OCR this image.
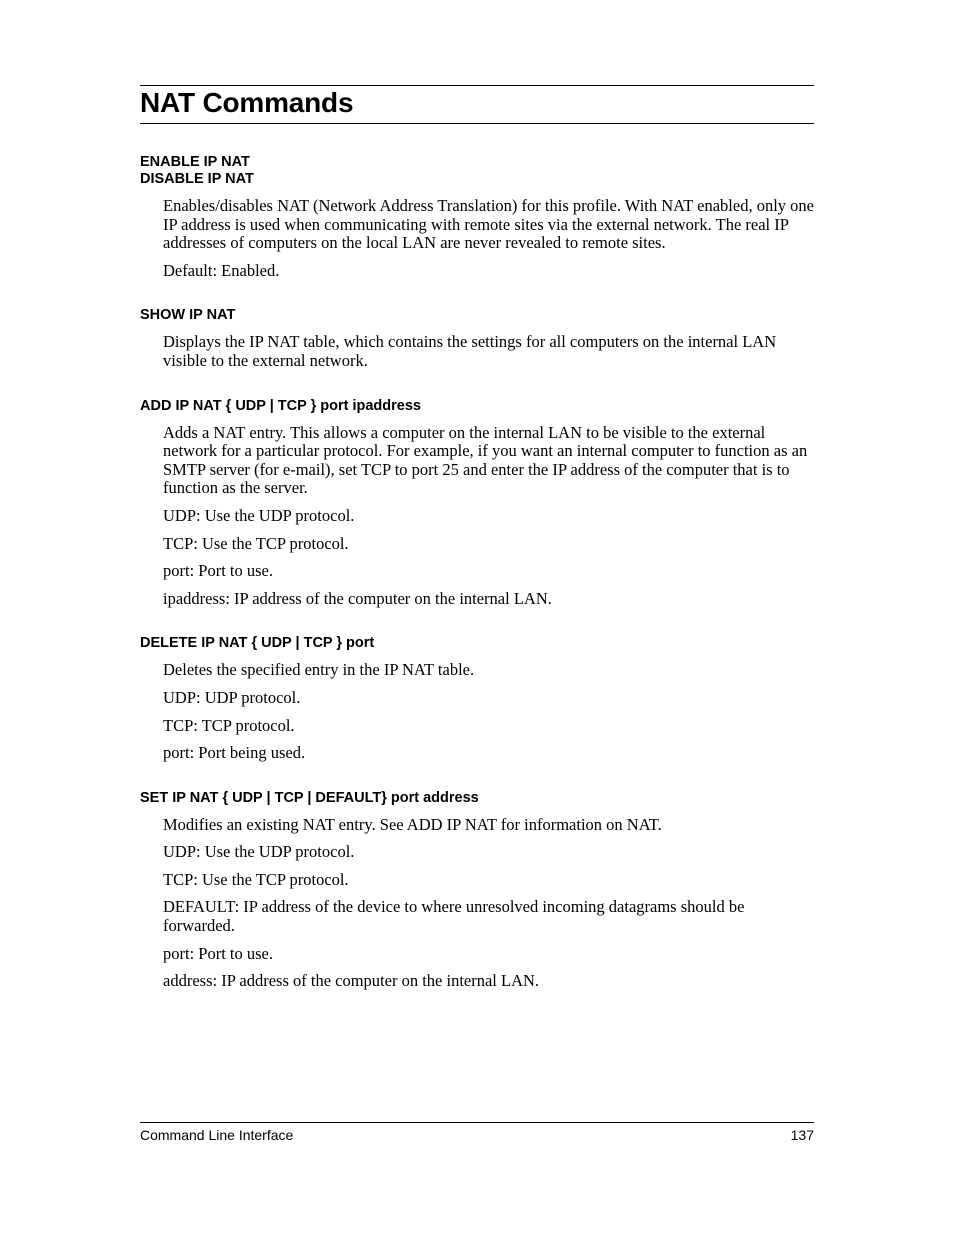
NAT Commands
ENABLE IP NAT
DISABLE IP NAT

Enables/disables NAT (Network Address Translation) for this profile. With NAT enabled, only one IP address is used when communicating with remote sites via the external network. The real IP addresses of computers on the local LAN are never revealed to remote sites.

Default: Enabled.

SHOW IP NAT

Displays the IP NAT table, which contains the settings for all computers on the internal LAN visible to the external network.

ADD IP NAT { UDP | TCP } port ipaddress

Adds a NAT entry. This allows a computer on the internal LAN to be visible to the external network for a particular protocol. For example, if you want an internal computer to function as an SMTP server (for e-mail), set TCP to port 25 and enter the IP address of the computer that is to function as the server.

UDP: Use the UDP protocol.

TCP: Use the TCP protocol.

port: Port to use.

ipaddress: IP address of the computer on the internal LAN.

DELETE IP NAT { UDP | TCP } port

Deletes the specified entry in the IP NAT table.

UDP: UDP protocol.

TCP: TCP protocol.

port: Port being used.

SET IP NAT { UDP | TCP | DEFAULT} port address

Modifies an existing NAT entry. See ADD IP NAT for information on NAT.

UDP: Use the UDP protocol.

TCP: Use the TCP protocol.

DEFAULT: IP address of the device to where unresolved incoming datagrams should be forwarded.

port: Port to use.

address: IP address of the computer on the internal LAN.

Command Line Interface	137
